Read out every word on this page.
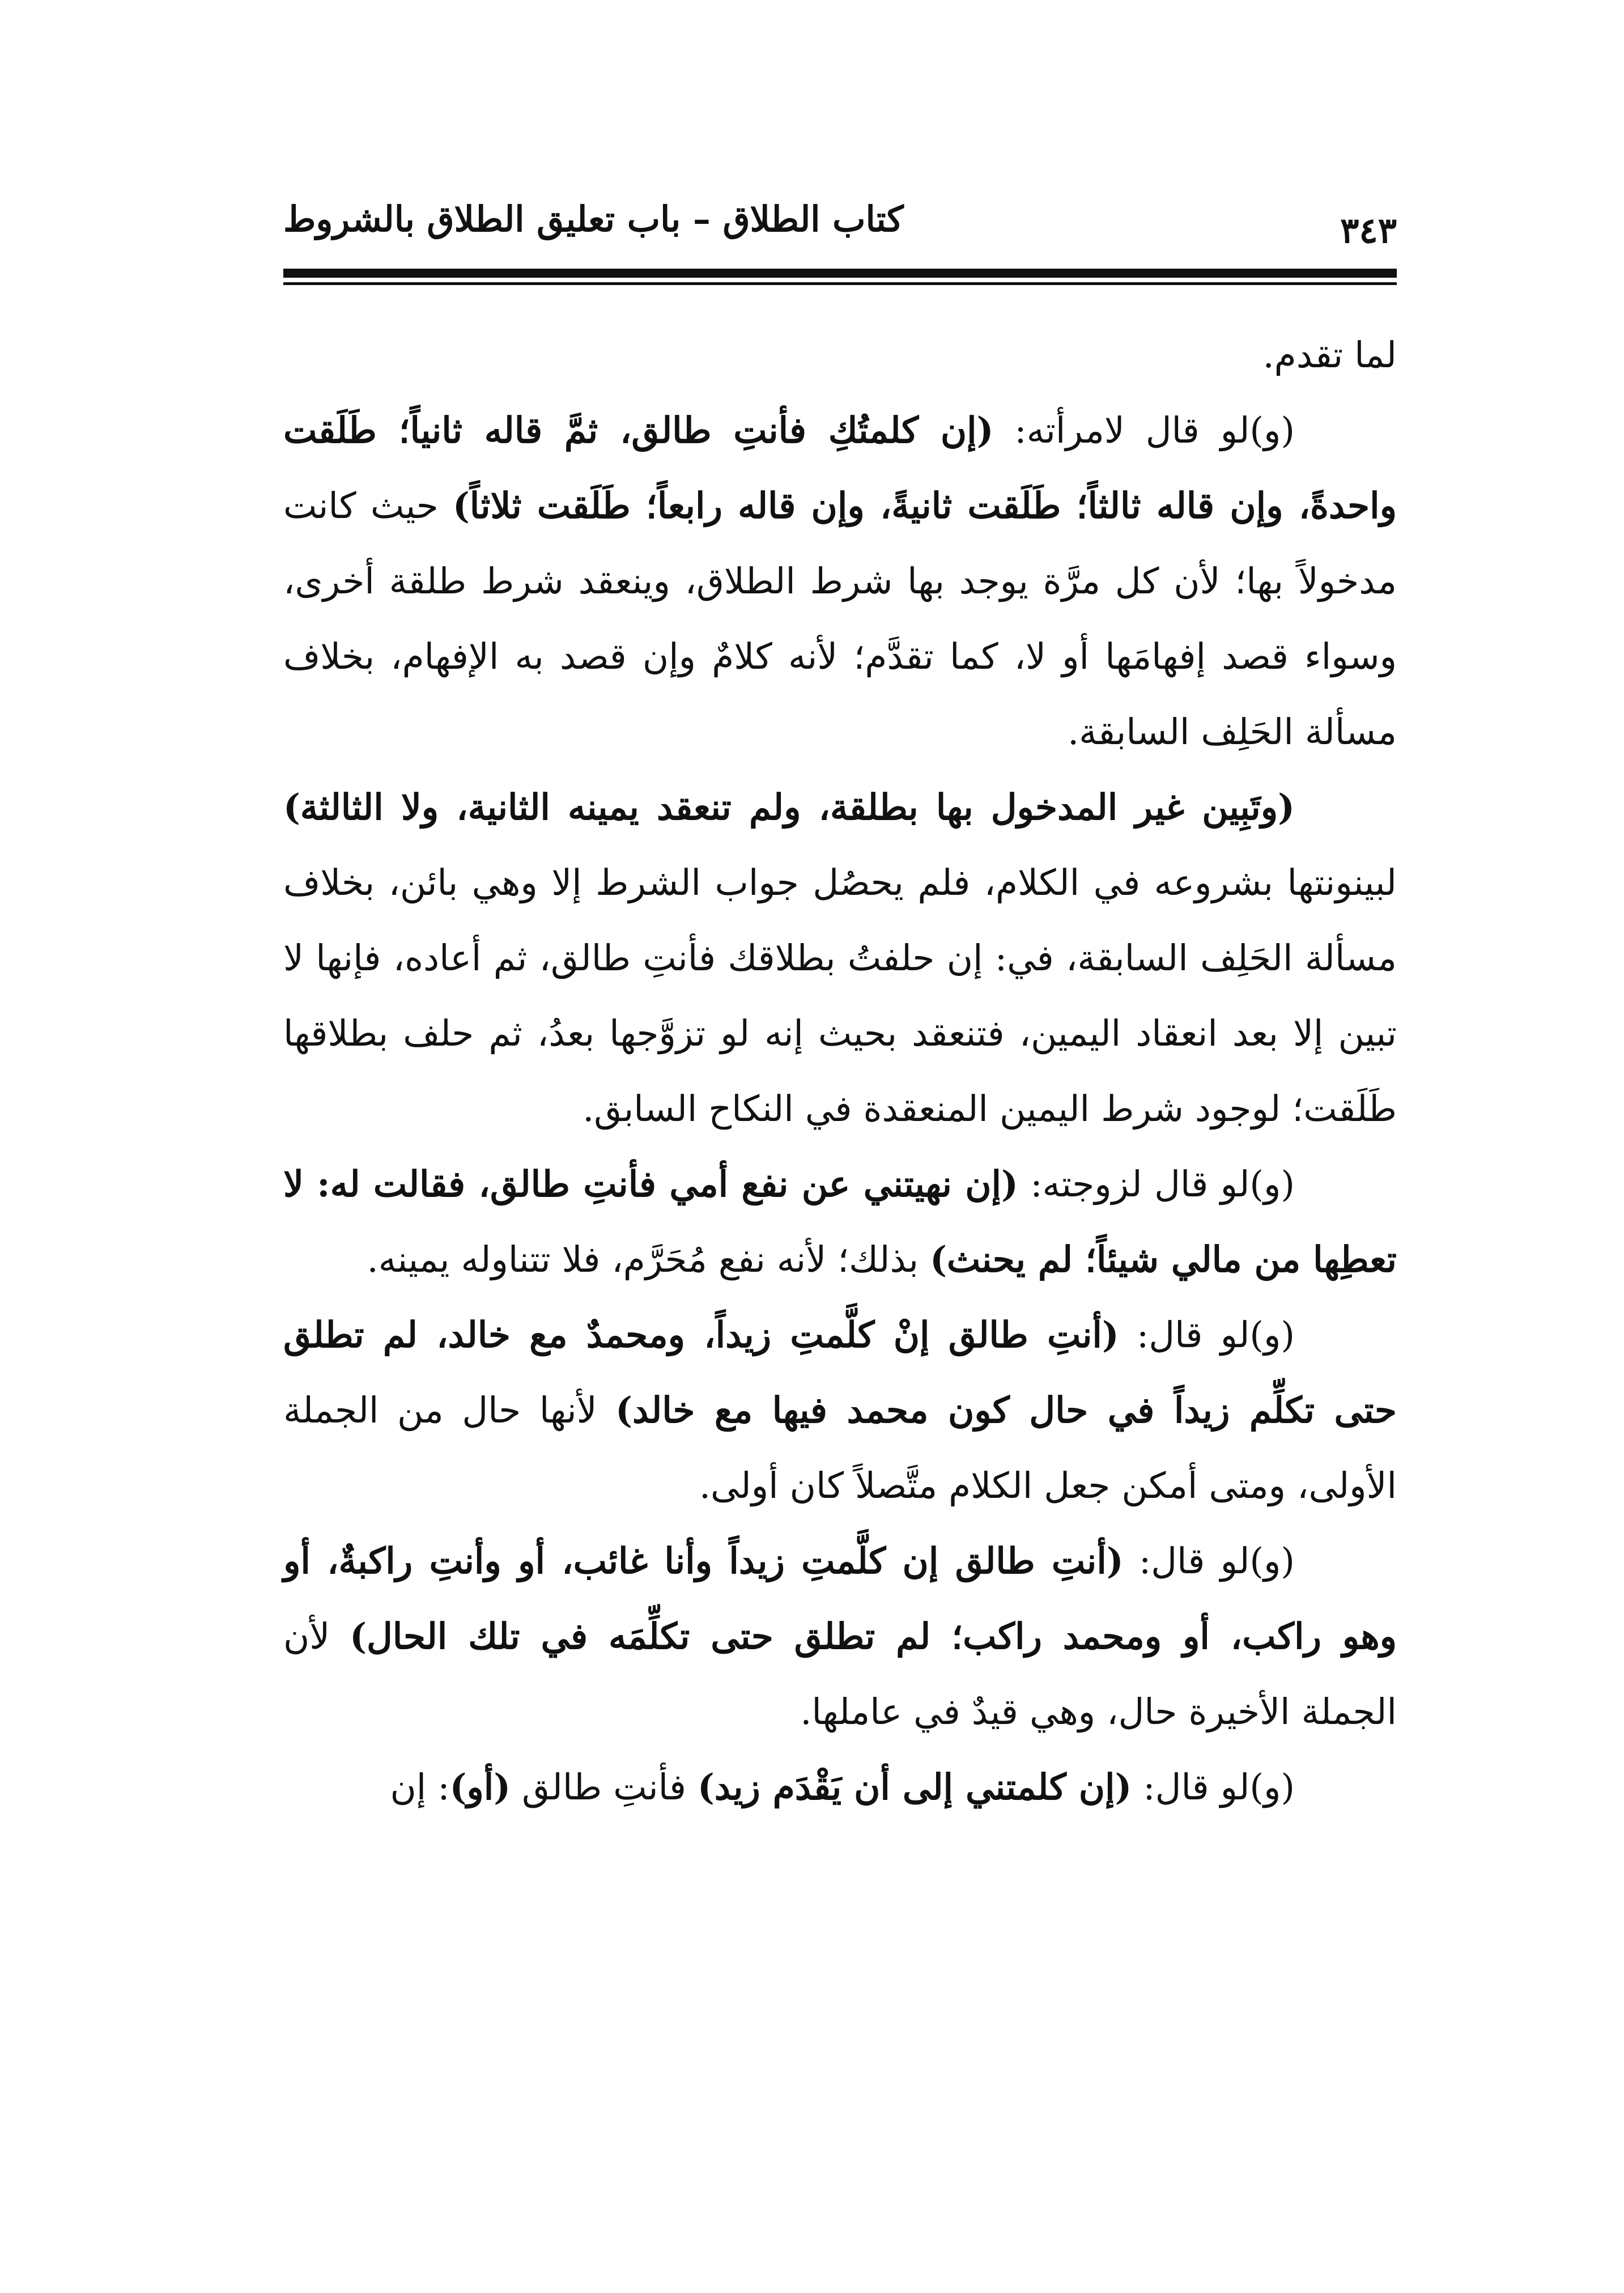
٣٤٣
كتاب الطلاق – باب تعليق الطلاق بالشروط

لما تقدم.

(و)لو قال لامرأته: (إن كلمتُكِ فأنتِ طالق، ثمَّ قاله ثانياً؛ طَلَقت واحدةً، وإن قاله ثالثاً؛ طَلَقت ثانيةً، وإن قاله رابعاً؛ طَلَقت ثلاثاً) حيث كانت مدخولاً بها؛ لأن كل مرَّة يوجد بها شرط الطلاق، وينعقد شرط طلقة أخرى، وسواء قصد إفهامَها أو لا، كما تقدَّم؛ لأنه كلامٌ وإن قصد به الإفهام، بخلاف مسألة الحَلِف السابقة.

(وتَبِين غير المدخول بها بطلقة، ولم تنعقد يمينه الثانية، ولا الثالثة) لبينونتها بشروعه في الكلام، فلم يحصُل جواب الشرط إلا وهي بائن، بخلاف مسألة الحَلِف السابقة، في: إن حلفتُ بطلاقك فأنتِ طالق، ثم أعاده، فإنها لا تبين إلا بعد انعقاد اليمين، فتنعقد بحيث إنه لو تزوَّجها بعدُ، ثم حلف بطلاقها طَلَقت؛ لوجود شرط اليمين المنعقدة في النكاح السابق.

(و)لو قال لزوجته: (إن نهيتني عن نفع أمي فأنتِ طالق، فقالت له: لا تعطِها من مالي شيئاً؛ لم يحنث) بذلك؛ لأنه نفع مُحَرَّم، فلا تتناوله يمينه.

(و)لو قال: (أنتِ طالق إنْ كلَّمتِ زيداً، ومحمدٌ مع خالد، لم تطلق حتى تكلِّم زيداً في حال كون محمد فيها مع خالد) لأنها حال من الجملة الأولى، ومتى أمكن جعل الكلام متَّصلاً كان أولى.

(و)لو قال: (أنتِ طالق إن كلَّمتِ زيداً وأنا غائب، أو وأنتِ راكبةٌ، أو وهو راكب، أو ومحمد راكب؛ لم تطلق حتى تكلِّمَه في تلك الحال) لأن الجملة الأخيرة حال، وهي قيدٌ في عاملها.

(و)لو قال: (إن كلمتني إلى أن يَقْدَم زيد) فأنتِ طالق (أو): إن
